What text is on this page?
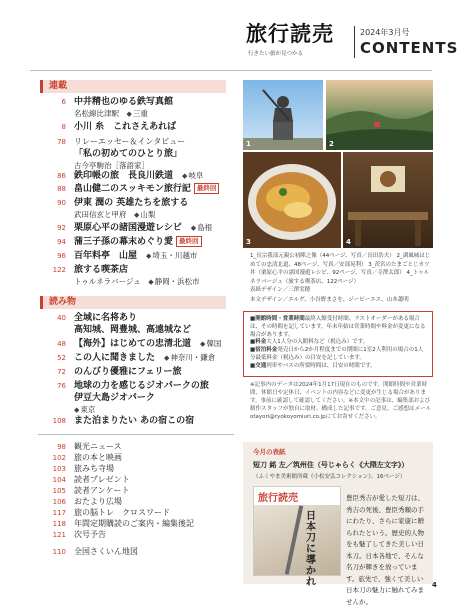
旅行読売
行きたい旅が見つかる
2024年3月号
CONTENTS
連載
6 中井精也のゆる鉄写真館
名松線比津駅　 ◆三重
8 小川 糸　これさえあれば
78 リレーエッセー＆インタビュー
「私の初めてのひとり旅」
古今亭駒治［落語家］
86 鉄印帳の旅　長良川鉄道　 ◆岐阜
88 畠山健二のスッキモン旅行記 最終回
90 伊東 潤の 英雄たちを旅する
武田信玄と甲府　 ◆山梨
92 栗原心平の諸国漫遊レシピ　 ◆島根
94 蒲三子孫の幕末めぐり愛 最終回
96 百年料亭　山屋　 ◆埼玉・川越市
122 旅する喫茶店
トゥルネラバージュ　 ◆静岡・浜松市
読み物
40 全域に名将あり
高知城、岡豊城、高遠城など
48 【海外】はじめての忠清北道　 ◆韓国
52 この人に聞きました　 ◆神奈川・鎌倉
72 のんびり優雅にフェリー旅
76 地球の力を感じるジオパークの旅
伊豆大島ジオパーク
◆東京
108 また泊まりたい あの宿この宿
98 観光ニュース
102 旅の本と映画
103 旅みち寺場
104 読者プレゼント
105 読者アンケート
106 おたより広場
117 旅の脳トレ　クロスワード
118 年間定期購読のご案内・編集後記
121 次号予告
110 全国さくいん地図
1	2
3	4
1_長宗我部元親公初陣之像（44ページ、写真／長田浩夫） 2_湖風城はじめての忠清北道、48ページ、写真／安部晃利） 3_茨宮のたまごとじカツ丼（栗原心平の諸国漫遊レシピ、92ページ、写真／寺澤太郎） 4_トゥルネラバージュ（旅する喫茶店、122ページ）
表紙デザイン／三澤実穂
本文デザイン／エルグ、小谷野まさを、ジーピーエス、山本蕭明

■開館時間・営業時間最終入館受付時間、ラストオーダーがある場合は、その時間を記しています。年末年始は営業時間や料金が変更になる場合があります。

■料金大人1人分の入館料など（税込み）です。

■宿泊料金発売日から2か月程度までの期間に1室2人利用の場合の1人分最低料金（税込み）の目安を記しています。

■交通列車やバスの所要時間は、目安の時間です。

※記事内のデータは2024年1月17日現在のものです。開館時間や営業時間、休館日や定休日、イベントの内容などに変更が生じる場合があります。事前に確認して確認してください。※本文中の記事は、編集部および制作スタッフが独自に取材、構成した記事です。ご意見、ご感想はメールotayori@ryokoyomiuri.co.jpにてお寄せください。
今月の表紙
短刀 銘 左／筑州住（号じゃらく《大隈左文字》）
（ふくやま美術館所蔵《小松安弘コレクション》、16ページ）
旅行読売
日本刀に導かれ
豊臣秀吉が愛した短刀は、秀吉の死後、豊臣秀頼の手にわたり、さらに家康に贈られたという。歴史的人物をも魅了してきた美しい日本刀。日本各地で、そんな名刀が輝きを放っています。旅先で、強くて美しい日本刀の魅力に触れてみませんか。
4
